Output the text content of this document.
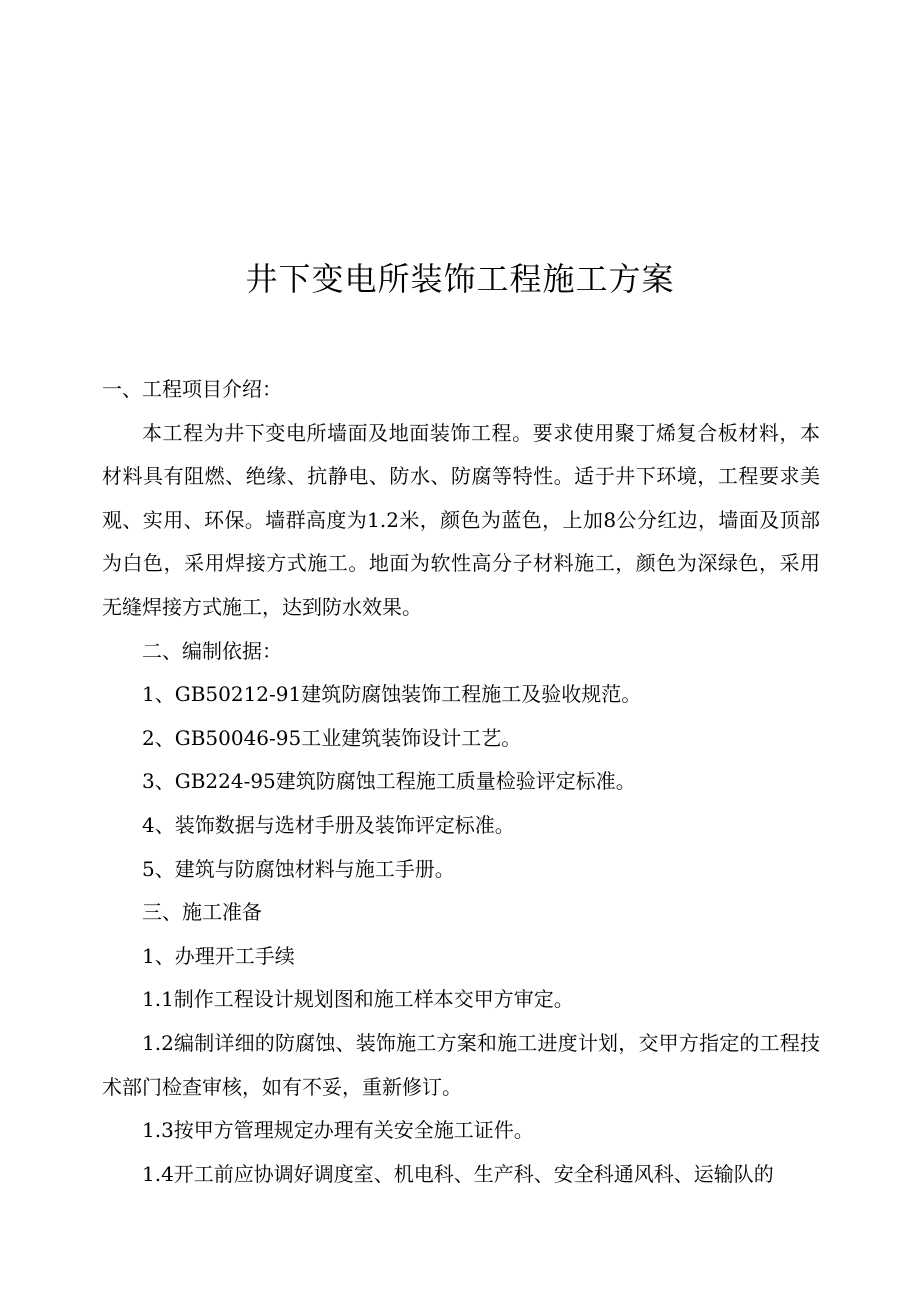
井下变电所装饰工程施工方案

一、工程项目介绍：

本工程为井下变电所墙面及地面装饰工程。要求使用聚丁烯复合板材料，本材料具有阻燃、绝缘、抗静电、防水、防腐等特性。适于井下环境，工程要求美观、实用、环保。墙群高度为1.2米，颜色为蓝色，上加8公分红边，墙面及顶部为白色，采用焊接方式施工。地面为软性高分子材料施工，颜色为深绿色，采用无缝焊接方式施工，达到防水效果。

二、编制依据：

1、GB50212-91建筑防腐蚀装饰工程施工及验收规范。

2、GB50046-95工业建筑装饰设计工艺。

3、GB224-95建筑防腐蚀工程施工质量检验评定标准。

4、装饰数据与选材手册及装饰评定标准。

5、建筑与防腐蚀材料与施工手册。

三、施工准备

1、办理开工手续

1.1制作工程设计规划图和施工样本交甲方审定。

1.2编制详细的防腐蚀、装饰施工方案和施工进度计划，交甲方指定的工程技术部门检查审核，如有不妥，重新修订。

1.3按甲方管理规定办理有关安全施工证件。

1.4开工前应协调好调度室、机电科、生产科、安全科通风科、运输队的
